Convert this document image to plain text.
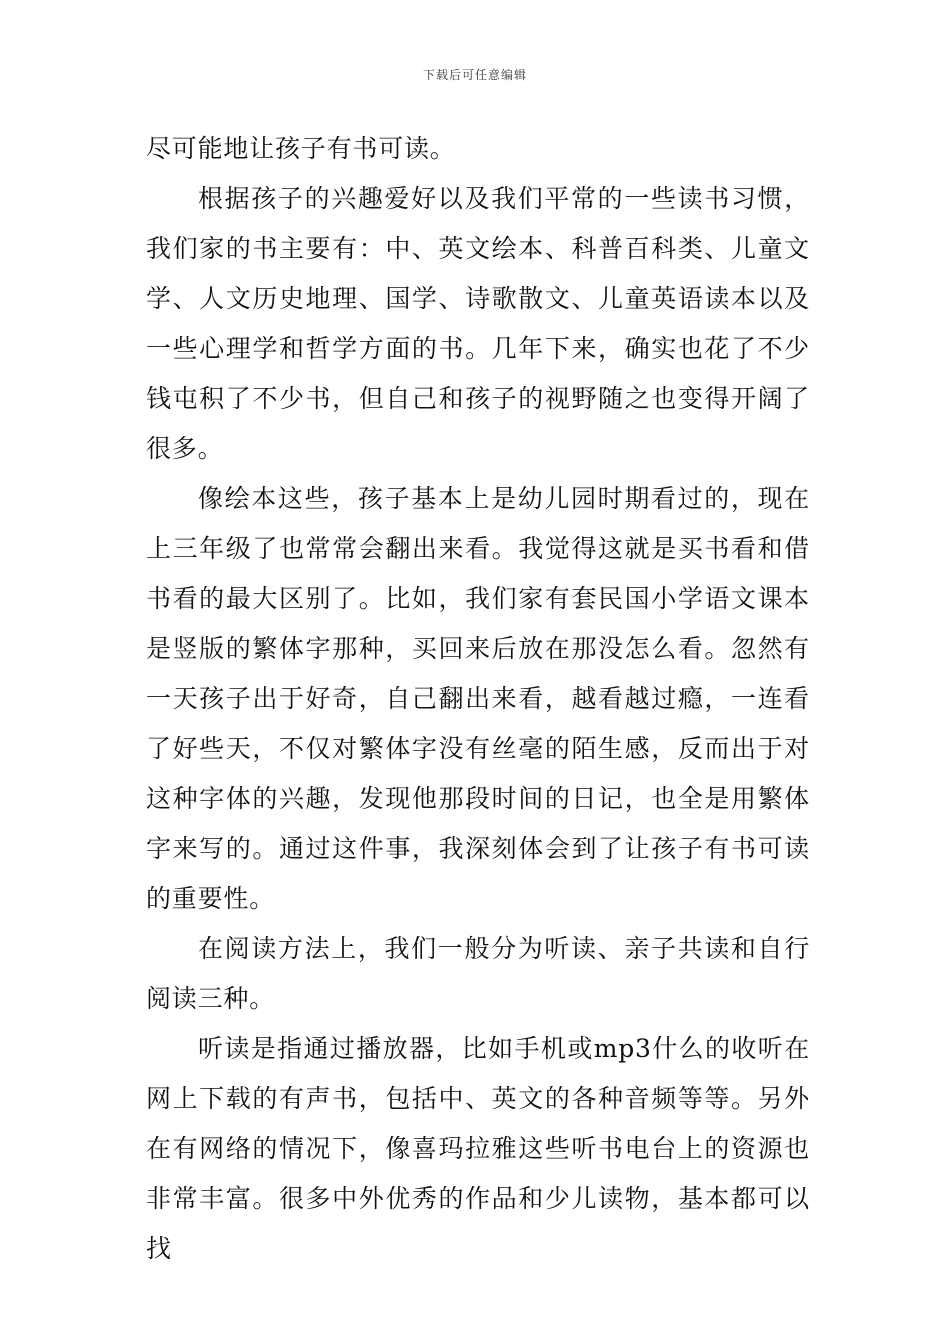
下载后可任意编辑

尽可能地让孩子有书可读。

根据孩子的兴趣爱好以及我们平常的一些读书习惯，我们家的书主要有：中、英文绘本、科普百科类、儿童文学、人文历史地理、国学、诗歌散文、儿童英语读本以及一些心理学和哲学方面的书。几年下来，确实也花了不少钱屯积了不少书，但自己和孩子的视野随之也变得开阔了很多。

像绘本这些，孩子基本上是幼儿园时期看过的，现在上三年级了也常常会翻出来看。我觉得这就是买书看和借书看的最大区别了。比如，我们家有套民国小学语文课本是竖版的繁体字那种，买回来后放在那没怎么看。忽然有一天孩子出于好奇，自己翻出来看，越看越过瘾，一连看了好些天，不仅对繁体字没有丝毫的陌生感，反而出于对这种字体的兴趣，发现他那段时间的日记，也全是用繁体字来写的。通过这件事，我深刻体会到了让孩子有书可读的重要性。

在阅读方法上，我们一般分为听读、亲子共读和自行阅读三种。

听读是指通过播放器，比如手机或mp3什么的收听在网上下载的有声书，包括中、英文的各种音频等等。另外在有网络的情况下，像喜玛拉雅这些听书电台上的资源也非常丰富。很多中外优秀的作品和少儿读物，基本都可以找
